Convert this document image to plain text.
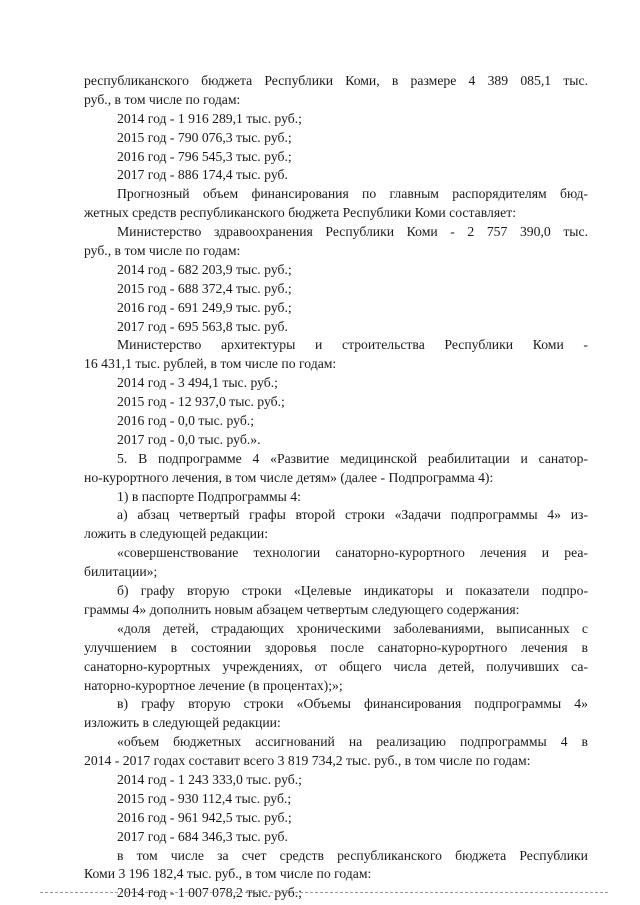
республиканского бюджета Республики Коми, в размере 4 389 085,1 тыс.
руб., в том числе по годам:
2014 год - 1 916 289,1 тыс. руб.;
2015 год - 790 076,3 тыс. руб.;
2016 год - 796 545,3 тыс. руб.;
2017 год - 886 174,4 тыс. руб.
Прогнозный объем финансирования по главным распорядителям бюд-
жетных средств республиканского бюджета Республики Коми составляет:
Министерство здравоохранения Республики Коми - 2 757 390,0 тыс.
руб., в том числе по годам:
2014 год - 682 203,9 тыс. руб.;
2015 год - 688 372,4 тыс. руб.;
2016 год - 691 249,9 тыс. руб.;
2017 год - 695 563,8 тыс. руб.
Министерство архитектуры и строительства Республики Коми -
16 431,1 тыс. рублей, в том числе по годам:
2014 год - 3 494,1 тыс. руб.;
2015 год - 12 937,0 тыс. руб.;
2016 год - 0,0 тыс. руб.;
2017 год - 0,0 тыс. руб.».
5. В подпрограмме 4 «Развитие медицинской реабилитации и санатор-
но-курортного лечения, в том числе детям» (далее - Подпрограмма 4):
1) в паспорте Подпрограммы 4:
а) абзац четвертый графы второй строки «Задачи подпрограммы 4» из-
ложить в следующей редакции:
«совершенствование технологии санаторно-курортного лечения и реа-
билитации»;
б) графу вторую строки «Целевые индикаторы и показатели подпро-
граммы 4» дополнить новым абзацем четвертым следующего содержания:
«доля детей, страдающих хроническими заболеваниями, выписанных с
улучшением в состоянии здоровья после санаторно-курортного лечения в
санаторно-курортных учреждениях, от общего числа детей, получивших са-
наторно-курортное лечение (в процентах);»;
в) графу вторую строки «Объемы финансирования подпрограммы 4»
изложить в следующей редакции:
«объем бюджетных ассигнований на реализацию подпрограммы 4 в
2014 - 2017 годах составит всего 3 819 734,2 тыс. руб., в том числе по годам:
2014 год - 1 243 333,0 тыс. руб.;
2015 год - 930 112,4 тыс. руб.;
2016 год - 961 942,5 тыс. руб.;
2017 год - 684 346,3 тыс. руб.
в том числе за счет средств республиканского бюджета Республики
Коми 3 196 182,4 тыс. руб., в том числе по годам:
2014 год - 1 007 078,2 тыс. руб.;
